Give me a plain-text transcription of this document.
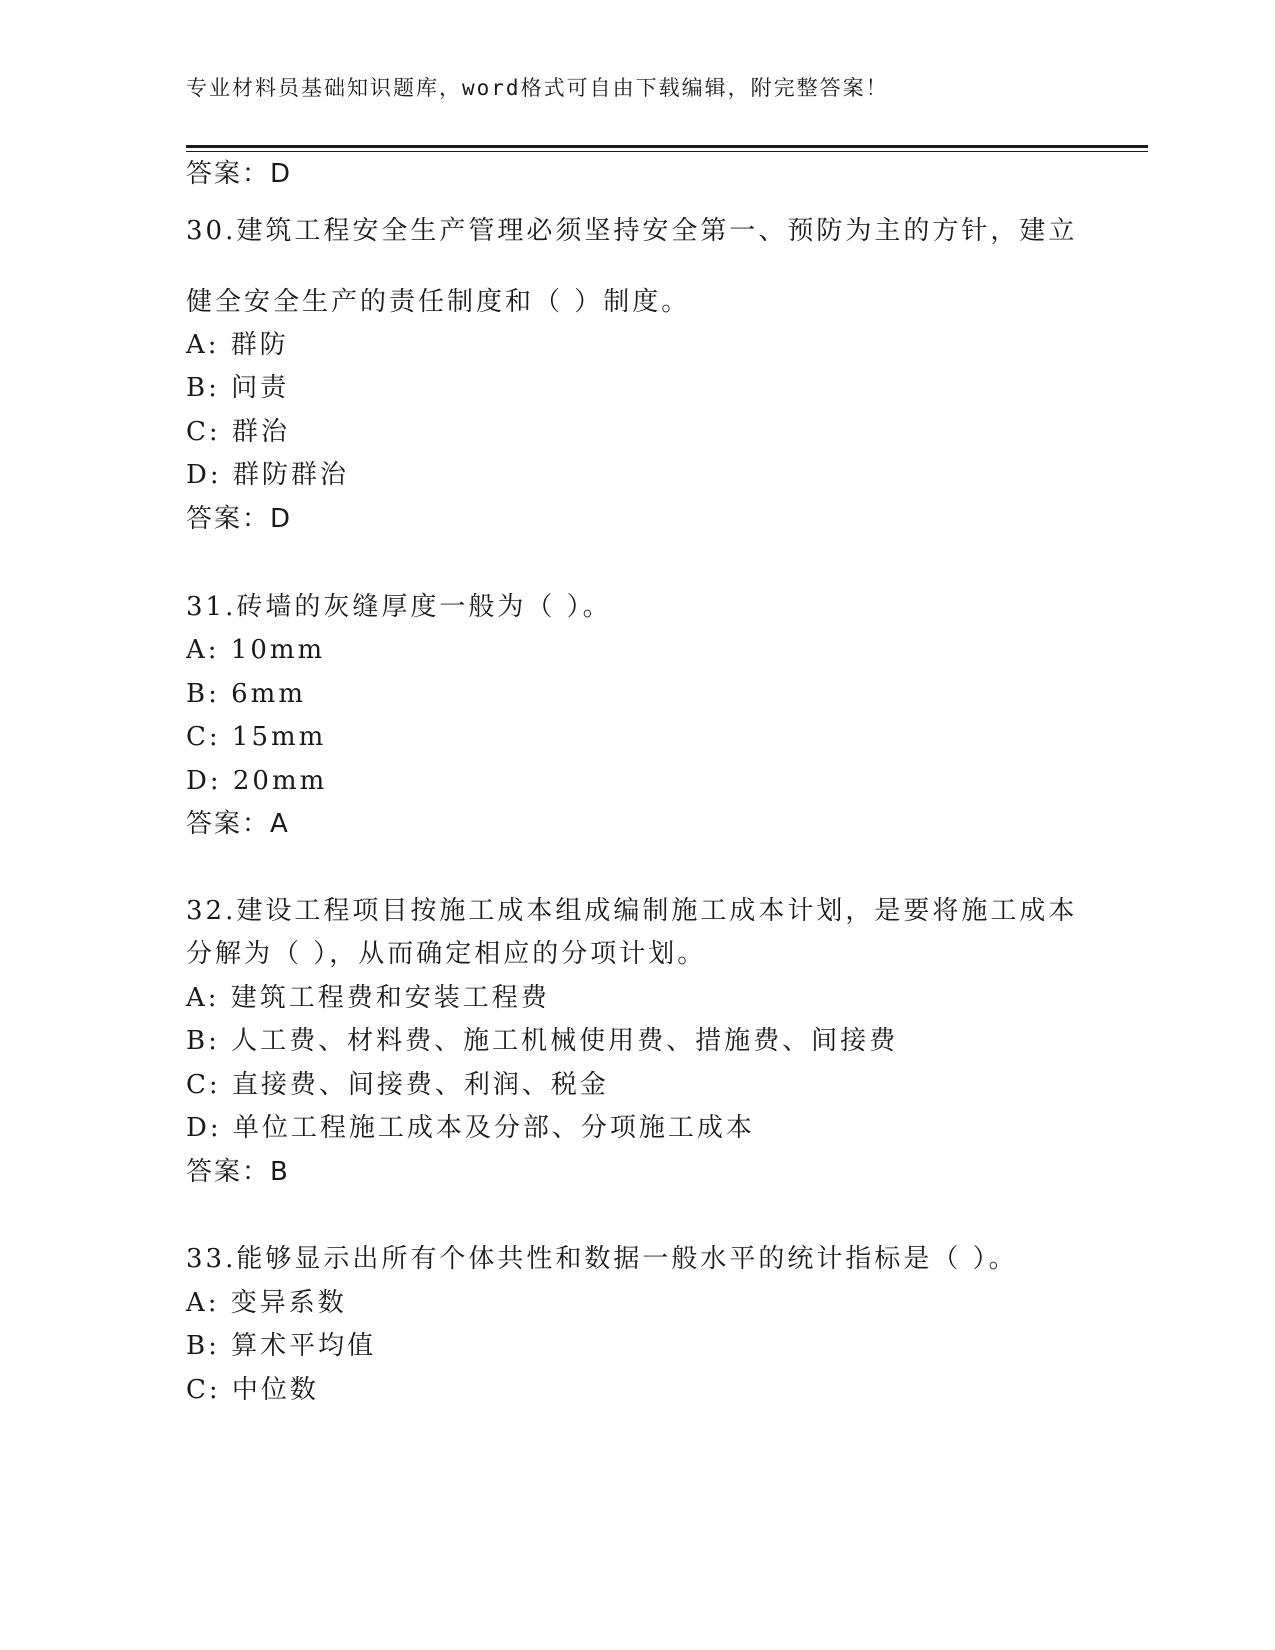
专业材料员基础知识题库，word格式可自由下载编辑，附完整答案！
答案：D
30.建筑工程安全生产管理必须坚持安全第一、预防为主的方针，建立
健全安全生产的责任制度和（ ）制度。
A: 群防
B: 问责
C: 群治
D: 群防群治
答案：D
31.砖墙的灰缝厚度一般为（ ）。
A: 10mm
B: 6mm
C: 15mm
D: 20mm
答案：A
32.建设工程项目按施工成本组成编制施工成本计划，是要将施工成本
分解为（ ），从而确定相应的分项计划。
A: 建筑工程费和安装工程费
B: 人工费、材料费、施工机械使用费、措施费、间接费
C: 直接费、间接费、利润、税金
D: 单位工程施工成本及分部、分项施工成本
答案：B
33.能够显示出所有个体共性和数据一般水平的统计指标是（ ）。
A: 变异系数
B: 算术平均值
C: 中位数
